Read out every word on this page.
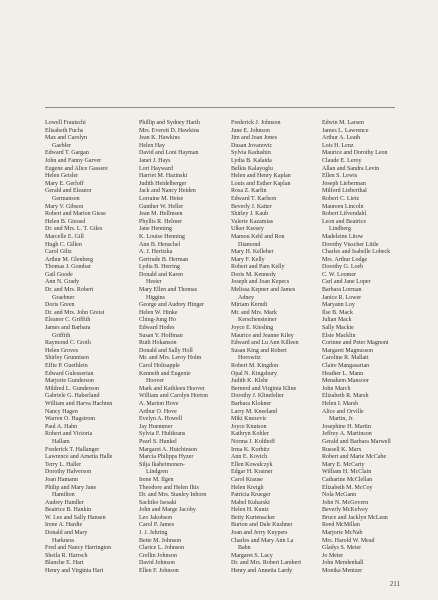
Lowell Frautschi
Elisabeth Fuchs
Max and Carolyn
Gaebler
Edward T. Gargan
John and Fanny Garver
Eugene and Alice Gassere
Helen Geisler
Mary E. Gerloff
Gerald and Eleanor
Germanson
Mary V. Gibson
Robert and Marion Giese
Helen B. Giessel
Dr. and Mrs. L. T. Giles
Marcelle E. Gill
Hugh C. Gillen
Carol Giltz
Arthur M. Glenberg
Thomas J. Gombar
Gail Goode
Ann N. Grady
Dr. and Mrs. Robert
Graebner
Doris Green
Dr. and Mrs. John Greist
Eleanor C. Griffith
James and Barbara
Griffith
Raymond C. Groth
Helen Groves
Shirley Grunnisen
Effie P. Guethlein
Edward Gulesserian
Marjorie Gunderson
Mildred L. Gunderson
Gabriele G. Haberland
William and Harva Hachten
Nancy Hagen
Warren O. Hagstrom
Paul A. Hahn
Robert and Victoria
Hallam
Frederick T. Hallanger
Lawrence and Arnetta Halle
Terry L. Haller
Dorothy Halverson
Joan Hamann
Philip and Mary Jane
Hamilton
Audrey Handler
Beatrice B. Hankin
W. Lee and Sally Hansen
Irene A. Hardie
Donald and Mary
Harkness
Fred and Nancy Harrington
Sheila R. Harrsch
Blanche E. Hart
Henry and Virginia Hart
Phillip and Sydney Harth
Mrs. Everett D. Hawkins
Jean K. Hawkins
Helen Hay
David and Loni Hayman
Janet J. Hays
Lori Hayward
Harriet M. Hazinski
Judith Heidelberger
Jack and Nancy Heiden
Lorraine M. Heise
Gunther W. Heller
Jean M. Hellmsen
Phyllis R. Helmer
Jane Henning
K. Louise Henning
Ann B. Henschel
A. J. Heritzka
Gertrude B. Herman
Lydia B. Herring
Donald and Karen
Hester
Mary Ellen and Thomas
Higgins
George and Audrey Hinger
Helen W. Hinke
Ching-Jung Ho
Edward Hodes
Susan Y. Hoffman
Ruth Hokanson
Donald and Sally Holl
Mr. and Mrs. Leroy Holm
Carol Holtsapple
Kenneth and Eugenie
Hoover
Mark and Kathleen Hoover
William and Carolyn Horton
A. Marion Hove
Arthur O. Hove
Evelyn A. Howell
Jay Huemmer
Sylvia F. Hultkrans
Pearl S. Hunkel
Margaret A. Hutchinson
Marcia Philipps Hyzer
Silja Ikaheimonen-
Lindgren
Irene M. Ilgen
Theodore and Helen Iltis
Dr. and Mrs. Stanley Inhorn
Sachiko Isesaki
John and Marge Jacoby
Leo Jakobson
Carol P. James
J. J. Jehring
Bette M. Johnson
Clarice L. Johnson
Crellin Johnson
David Johnson
Ellen F. Johnson
Frederick J. Johnson
June E. Johnson
Jim and Joan Jones
Dusan Jovanovic
Sylvia Kadushin
Lydia B. Kalaida
Belkis Kalayoglu
Helen and Henry Kaplan
Louis and Esther Kaplan
Rosa Z. Karlin
Edward T. Karlson
Beverly J. Katter
Shirley J. Kaub
Valerie Kazamias
Ulker Keesey
Mamou Kehl and Ron
Diamond
Mary H. Kelleher
Mary F. Kelly
Robert and Pam Kelly
Doris M. Kennedy
Joseph and Joan Kepecs
Melissa Kepner and James
Adney
Miriam Kerndt
Mr. and Mrs. Mark
Kerschensteiner
Joyce E. Kiesling
Maurice and Jeanne Kiley
Edward and Lu Ann Killeen
Susan King and Robert
Horowitz
Robert M. Kingdon
Opal N. Kingsbury
Judith K. Klehr
Bernerd and Virginia Kline
Dorothy J. Klinefelter
Barbara Klokner
Larry M. Kneeland
Miki Knezevic
Joyce Knutson
Kathryn Kohler
Norma J. Kolthoff
Irma K. Korbitz
Ann E. Kovich
Ellen Kowalczyk
Edgar H. Krainer
Carol Krause
Helen Kreigh
Patricia Krueger
Mabel Kuharski
Helen H. Kuntz
Betty Kurtenacker
Burton and Dale Kushner
Joan and Jerry Kuypers
Charles and Mary Ann La
Bahn
Margaret S. Lacy
Dr. and Mrs. Robert Lambert
Henry and Annetta Lardy
Edwin M. Larsen
James L. Lawrence
Arthur A. Leath
Lois H. Lenz
Maurice and Dorothy Leon
Claude E. Leroy
Allan and Sandra Levin
Ellen S. Lewis
Joseph Lieberman
Milford Lieberthal
Robert C. Lietz
Maureen Lincoln
Robert Lifvendahl
Leon and Beatrice
Lindberg
Madeleine Litow
Dorothy Visscher Little
Charles and Isabelle Lobeck
Mrs. Arthur Lodge
Dorothy G. Loeb
C. W. Loomer
Carl and Jane Loper
Barbara Lorman
Janice R. Lower
Maryann Loy
Ilse B. Mack
Julian Mack
Sally Mackie
Elsie Macklin
Corinne and Peter Magnoni
Margaret Magnusson
Caroline R. Mallatt
Claire Mangasarian
Heather L. Mann
Menahem Mansoor
John March
Elizabeth R. Marsh
Helen I. Marsh
Alice and Orville
Martin, Jr.
Josephine H. Martin
Jeffrey A. Martinson
Gerald and Barbara Marwell
Russell K. Marx
Robert and Marie McCabe
Mary E. McCarty
William H. McClain
Catharine McClellan
Elizabeth M. McCoy
Nola McGann
John N. McGovern
Beverly McKelvey
Bruce and Jacklyn McLean
Reed McMillan
Marjorie McNab
Mrs. Harold W. Mead
Gladys S. Meier
Jo Meier
John Mendenhall
Monika Mentzer
211
